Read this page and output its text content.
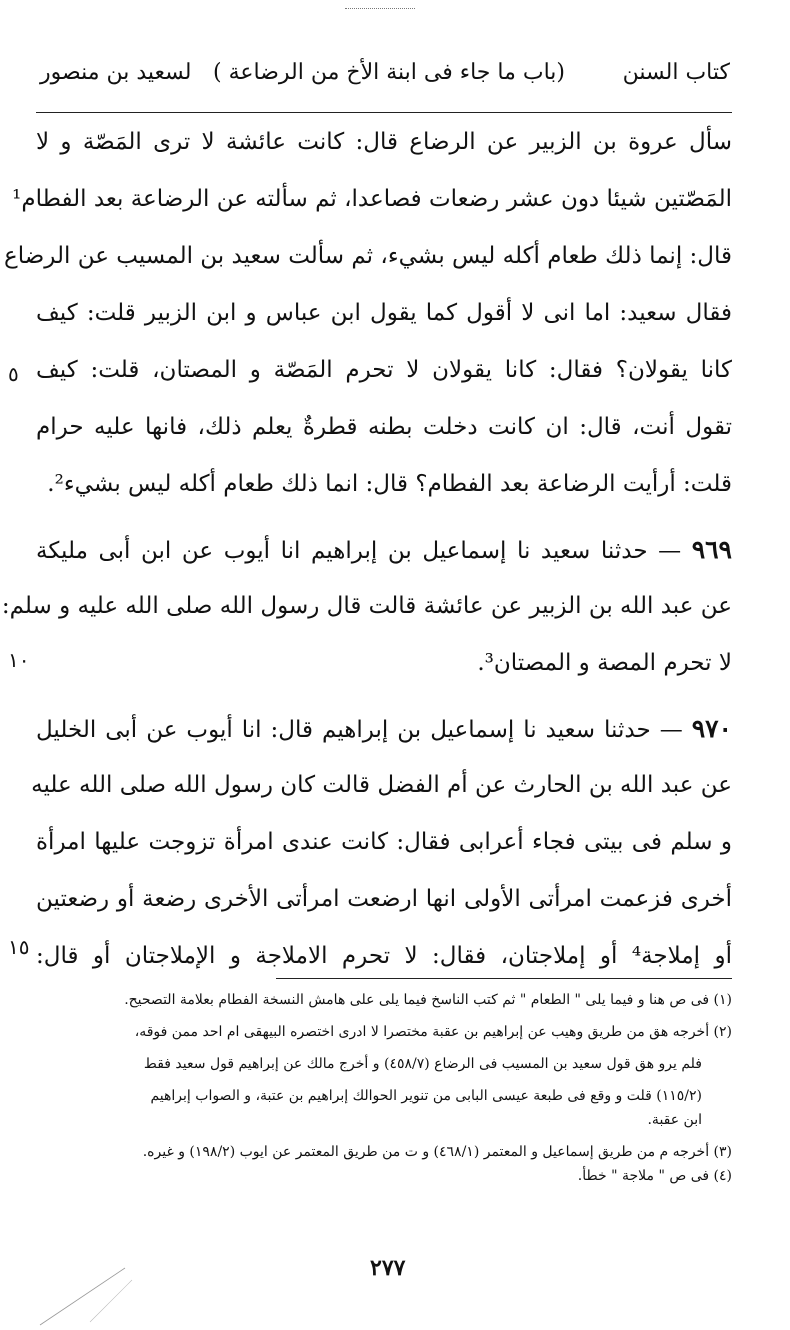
كتاب السنن
(باب ما جاء فى ابنة الأخ من الرضاعة )
لسعيد بن منصور
سأل عروة بن الزبير عن الرضاع قال: كانت عائشة لا ترى المَصّة و لا
المَصّتين شيئا دون عشر رضعات فصاعدا، ثم سألته عن الرضاعة بعد الفطام¹
قال: إنما ذلك طعام أكله ليس بشيء، ثم سألت سعيد بن المسيب عن الرضاع
فقال سعيد: اما انى لا أقول كما يقول ابن عباس و ابن الزبير قلت: كيف
كانا يقولان؟ فقال: كانا يقولان لا تحرم المَصّة و المصتان، قلت: كيف
تقول أنت، قال: ان كانت دخلت بطنه قطرةٌ يعلم ذلك، فانها عليه حرام
قلت: أرأيت الرضاعة بعد الفطام؟ قال: انما ذلك طعام أكله ليس بشيء².
٩٦٩ — حدثنا سعيد نا إسماعيل بن إبراهيم انا أيوب عن ابن أبى مليكة
عن عبد الله بن الزبير عن عائشة قالت قال رسول الله صلى الله عليه و سلم:
لا تحرم المصة و المصتان³.
٩٧٠ — حدثنا سعيد نا إسماعيل بن إبراهيم قال: انا أيوب عن أبى الخليل
عن عبد الله بن الحارث عن أم الفضل قالت كان رسول الله صلى الله عليه
و سلم فى بيتى فجاء أعرابى فقال: كانت عندى امرأة تزوجت عليها امرأة
أخرى فزعمت امرأتى الأولى انها ارضعت امرأتى الأخرى رضعة أو رضعتين
أو إملاجة⁴ أو إملاجتان، فقال: لا تحرم الاملاجة و الإملاجتان أو قال:
٥
١٠
١٥
(١) فى ص هنا و فيما يلى " الطعام " ثم كتب الناسخ فيما يلى على هامش النسخة الفطام بعلامة التصحيح.
(٢) أخرجه هق من طريق وهيب عن إبراهيم بن عقبة مختصرا لا ادرى اختصره البيهقى ام احد ممن فوقه،
فلم يرو هق قول سعيد بن المسيب فى الرضاع (٤٥٨/٧) و أخرج مالك عن إبراهيم قول سعيد فقط
(١١٥/٢) قلت و وقع فى طبعة عيسى البابى من تنوير الحوالك إبراهيم بن عتبة، و الصواب إبراهيم
ابن عقبة.
(٣) أخرجه م من طريق إسماعيل و المعتمر (٤٦٨/١) و ت من طريق المعتمر عن ايوب (١٩٨/٢) و غيره.
(٤) فى ص " ملاجة " خطأ.
٢٧٧
